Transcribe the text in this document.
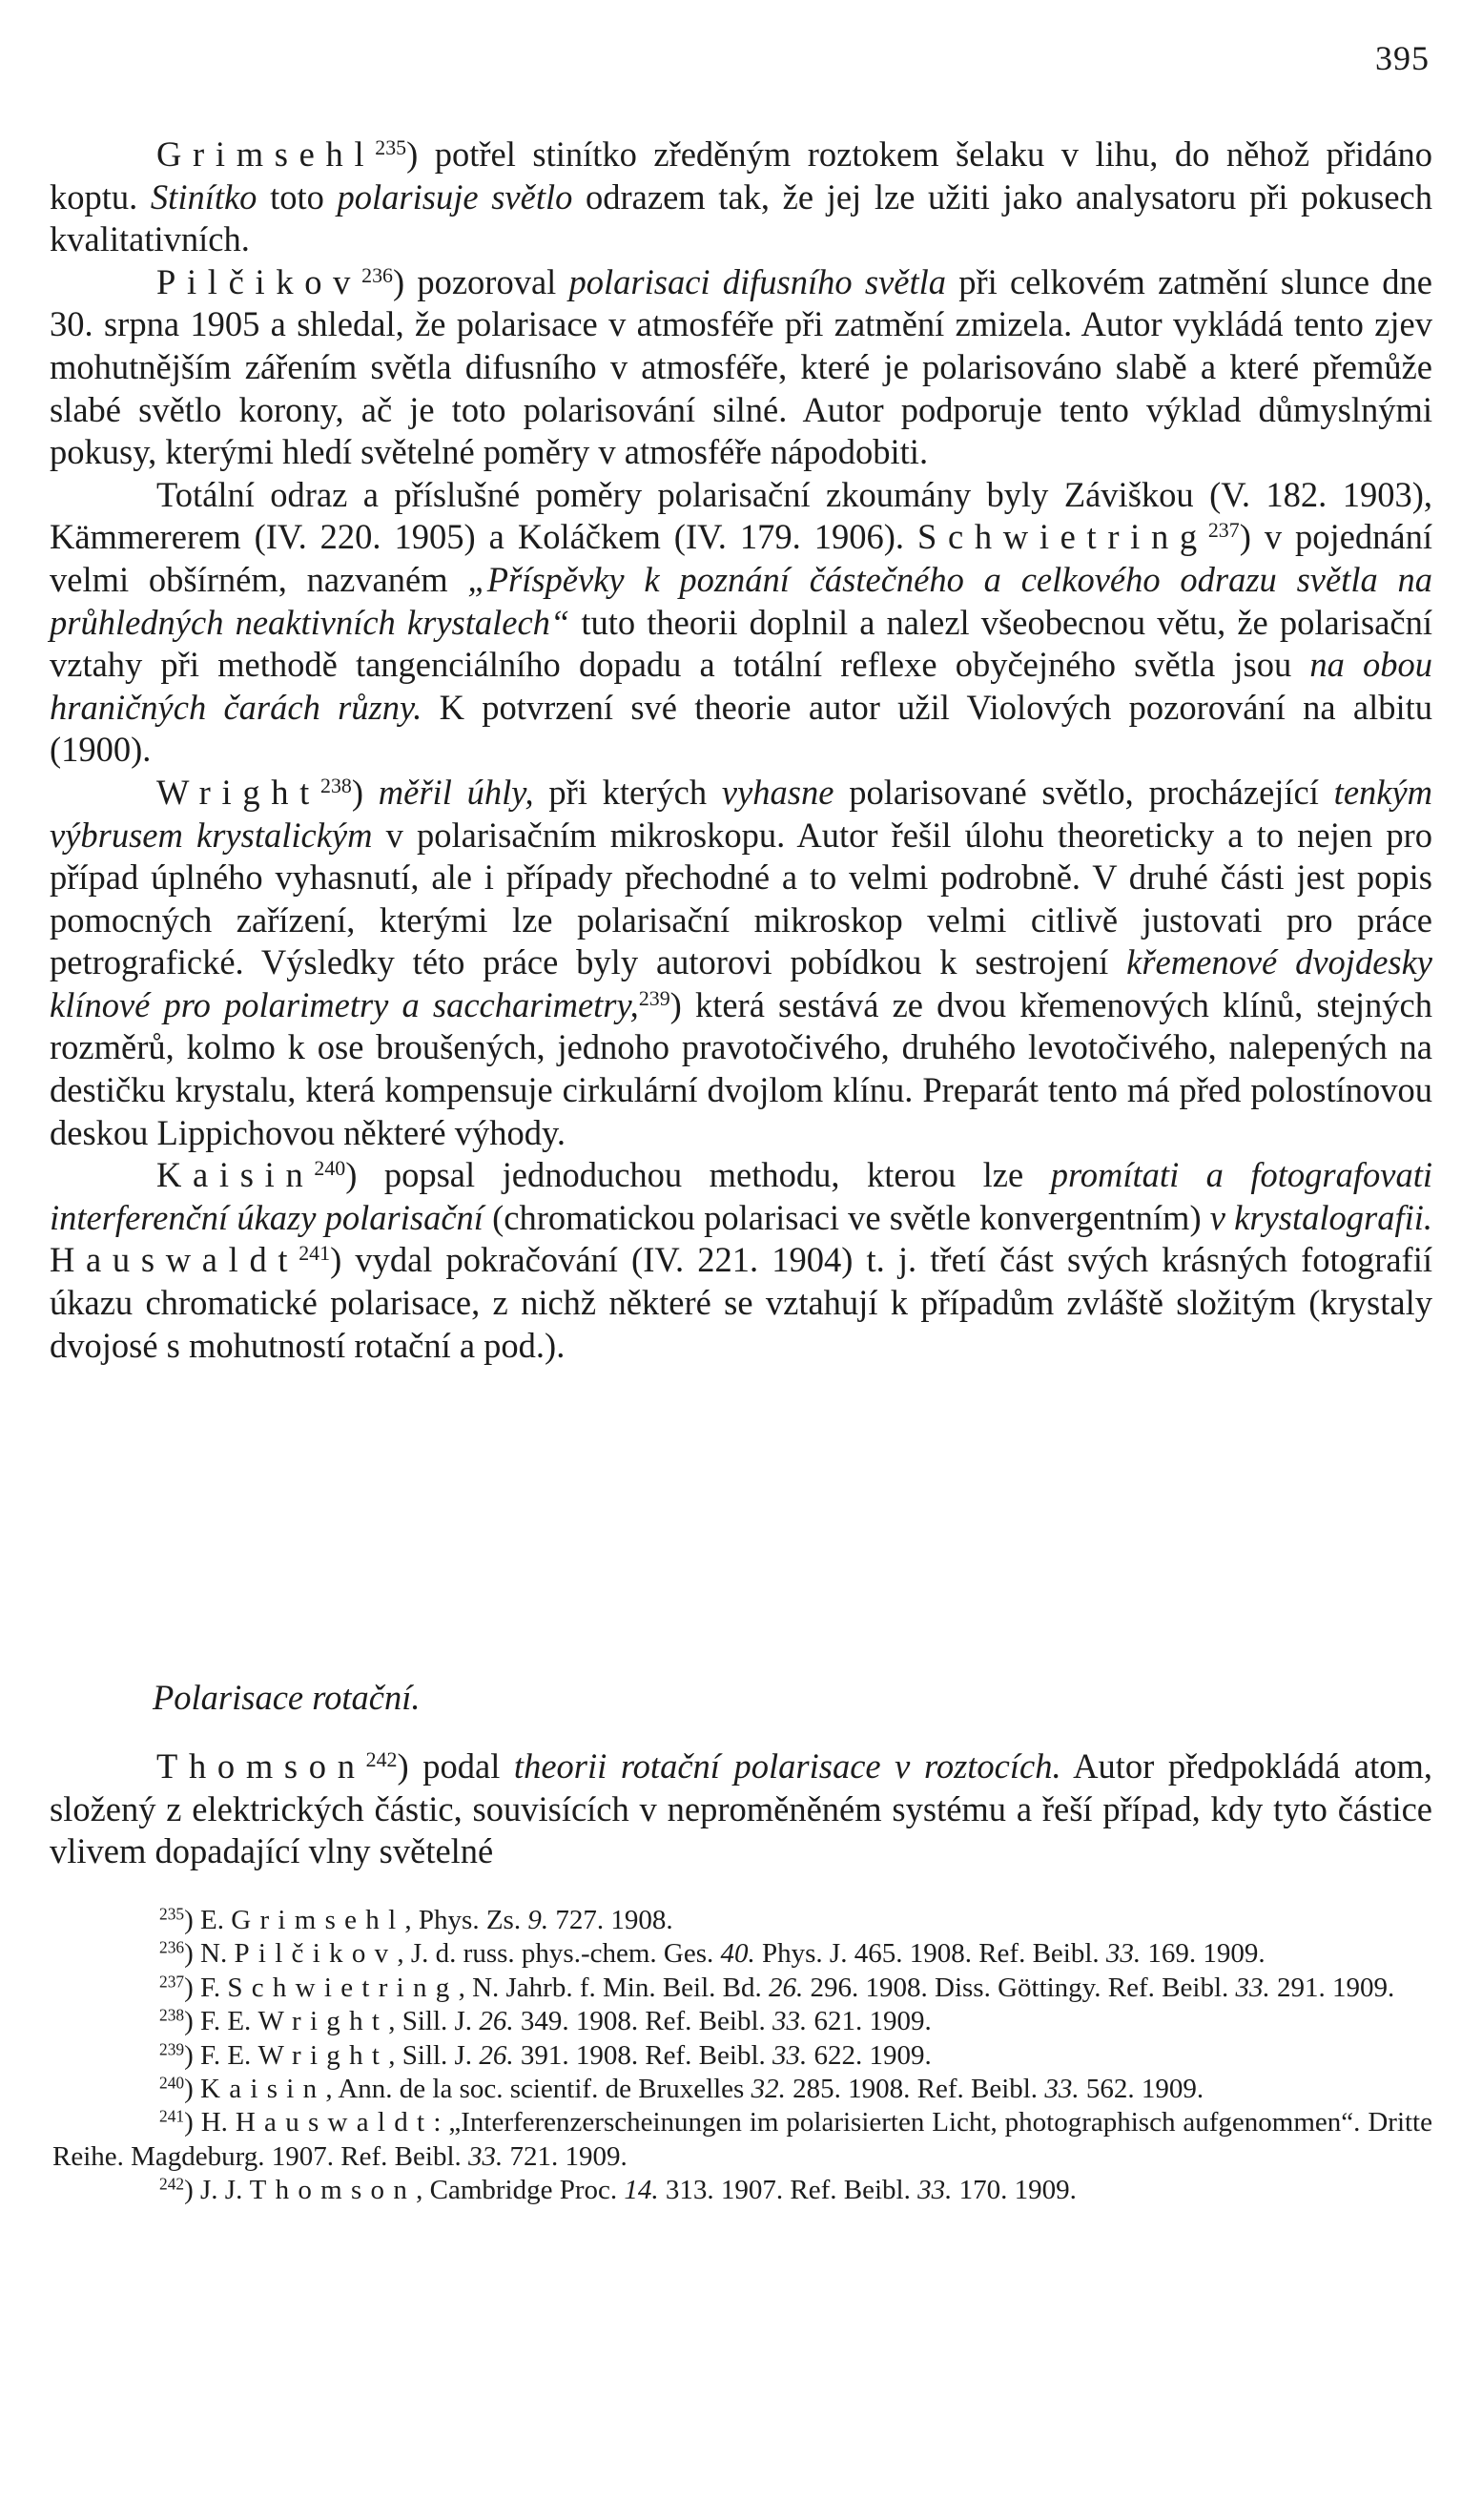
395

Grimsehl$^{235}$) potřel stinítko zředěným roztokem šelaku v lihu, do něhož přidáno koptu. Stinítko toto polarisuje světlo odrazem tak, že jej lze užiti jako analysatoru při pokusech kvalitativních.

Pilčikov$^{236}$) pozoroval polarisaci difusního světla při celkovém zatmění slunce dne 30. srpna 1905 a shledal, že polarisace v atmosféře při zatmění zmizela. Autor vykládá tento zjev mohutnějším zářením světla difusního v atmosféře, které je polarisováno slabě a které přemůže slabé světlo korony, ač je toto polarisování silné. Autor podporuje tento výklad důmyslnými pokusy, kterými hledí světelné poměry v atmosféře nápodobiti.

Totální odraz a příslušné poměry polarisační zkoumány byly Záviškou (V. 182. 1903), Kämmererem (IV. 220. 1905) a Koláčkem (IV. 179. 1906). Schwietring$^{237}$) v pojednání velmi obšírném, nazvaném „Příspěvky k poznání částečného a celkového odrazu světla na průhledných neaktivních krystalech“ tuto theorii doplnil a nalezl všeobecnou větu, že polarisační vztahy při methodě tangenciálního dopadu a totální reflexe obyčejného světla jsou na obou hraničných čarách různy. K potvrzení své theorie autor užil Violových pozorování na albitu (1900).

Wright$^{238}$) měřil úhly, při kterých vyhasne polarisované světlo, procházející tenkým výbrusem krystalickým v polarisačním mikroskopu. Autor řešil úlohu theoreticky a to nejen pro případ úplného vyhasnutí, ale i případy přechodné a to velmi podrobně. V druhé části jest popis pomocných zařízení, kterými lze polarisační mikroskop velmi citlivě justovati pro práce petrografické. Výsledky této práce byly autorovi pobídkou k sestrojení křemenové dvojdesky klínové pro polarimetry a saccharimetry,$^{239}$) která sestává ze dvou křemenových klínů, stejných rozměrů, kolmo k ose broušených, jednoho pravotočivého, druhého levotočivého, nalepených na destičku krystalu, která kompensuje cirkulární dvojlom klínu. Preparát tento má před polostínovou deskou Lippichovou některé výhody.

Kaisin$^{240}$) popsal jednoduchou methodu, kterou lze promítati a fotografovati interferenční úkazy polarisační (chromatickou polarisaci ve světle konvergentním) v krystalografii. Hauswaldt$^{241}$) vydal pokračování (IV. 221. 1904) t. j. třetí část svých krásných fotografií úkazu chromatické polarisace, z nichž některé se vztahují k případům zvláště složitým (krystaly dvojosé s mohutností rotační a pod.).

Polarisace rotační.

Thomson$^{242}$) podal theorii rotační polarisace v roztocích. Autor předpokládá atom, složený z elektrických částic, souvisících v neproměněném systému a řeší případ, kdy tyto částice vlivem dopadající vlny světelné

$^{235}$) E. Grimsehl, Phys. Zs. 9. 727. 1908.

$^{236}$) N. Pilčikov, J. d. russ. phys.-chem. Ges. 40. Phys. J. 465. 1908. Ref. Beibl. 33. 169. 1909.

$^{237}$) F. Schwietring, N. Jahrb. f. Min. Beil. Bd. 26. 296. 1908. Diss. Göttingy. Ref. Beibl. 33. 291. 1909.

$^{238}$) F. E. Wright, Sill. J. 26. 349. 1908. Ref. Beibl. 33. 621. 1909.

$^{239}$) F. E. Wright, Sill. J. 26. 391. 1908. Ref. Beibl. 33. 622. 1909.

$^{240}$) Kaisin, Ann. de la soc. scientif. de Bruxelles 32. 285. 1908. Ref. Beibl. 33. 562. 1909.

$^{241}$) H. Hauswaldt: „Interferenzerscheinungen im polarisierten Licht, photographisch aufgenommen“. Dritte Reihe. Magdeburg. 1907. Ref. Beibl. 33. 721. 1909.

$^{242}$) J. J. Thomson, Cambridge Proc. 14. 313. 1907. Ref. Beibl. 33. 170. 1909.
